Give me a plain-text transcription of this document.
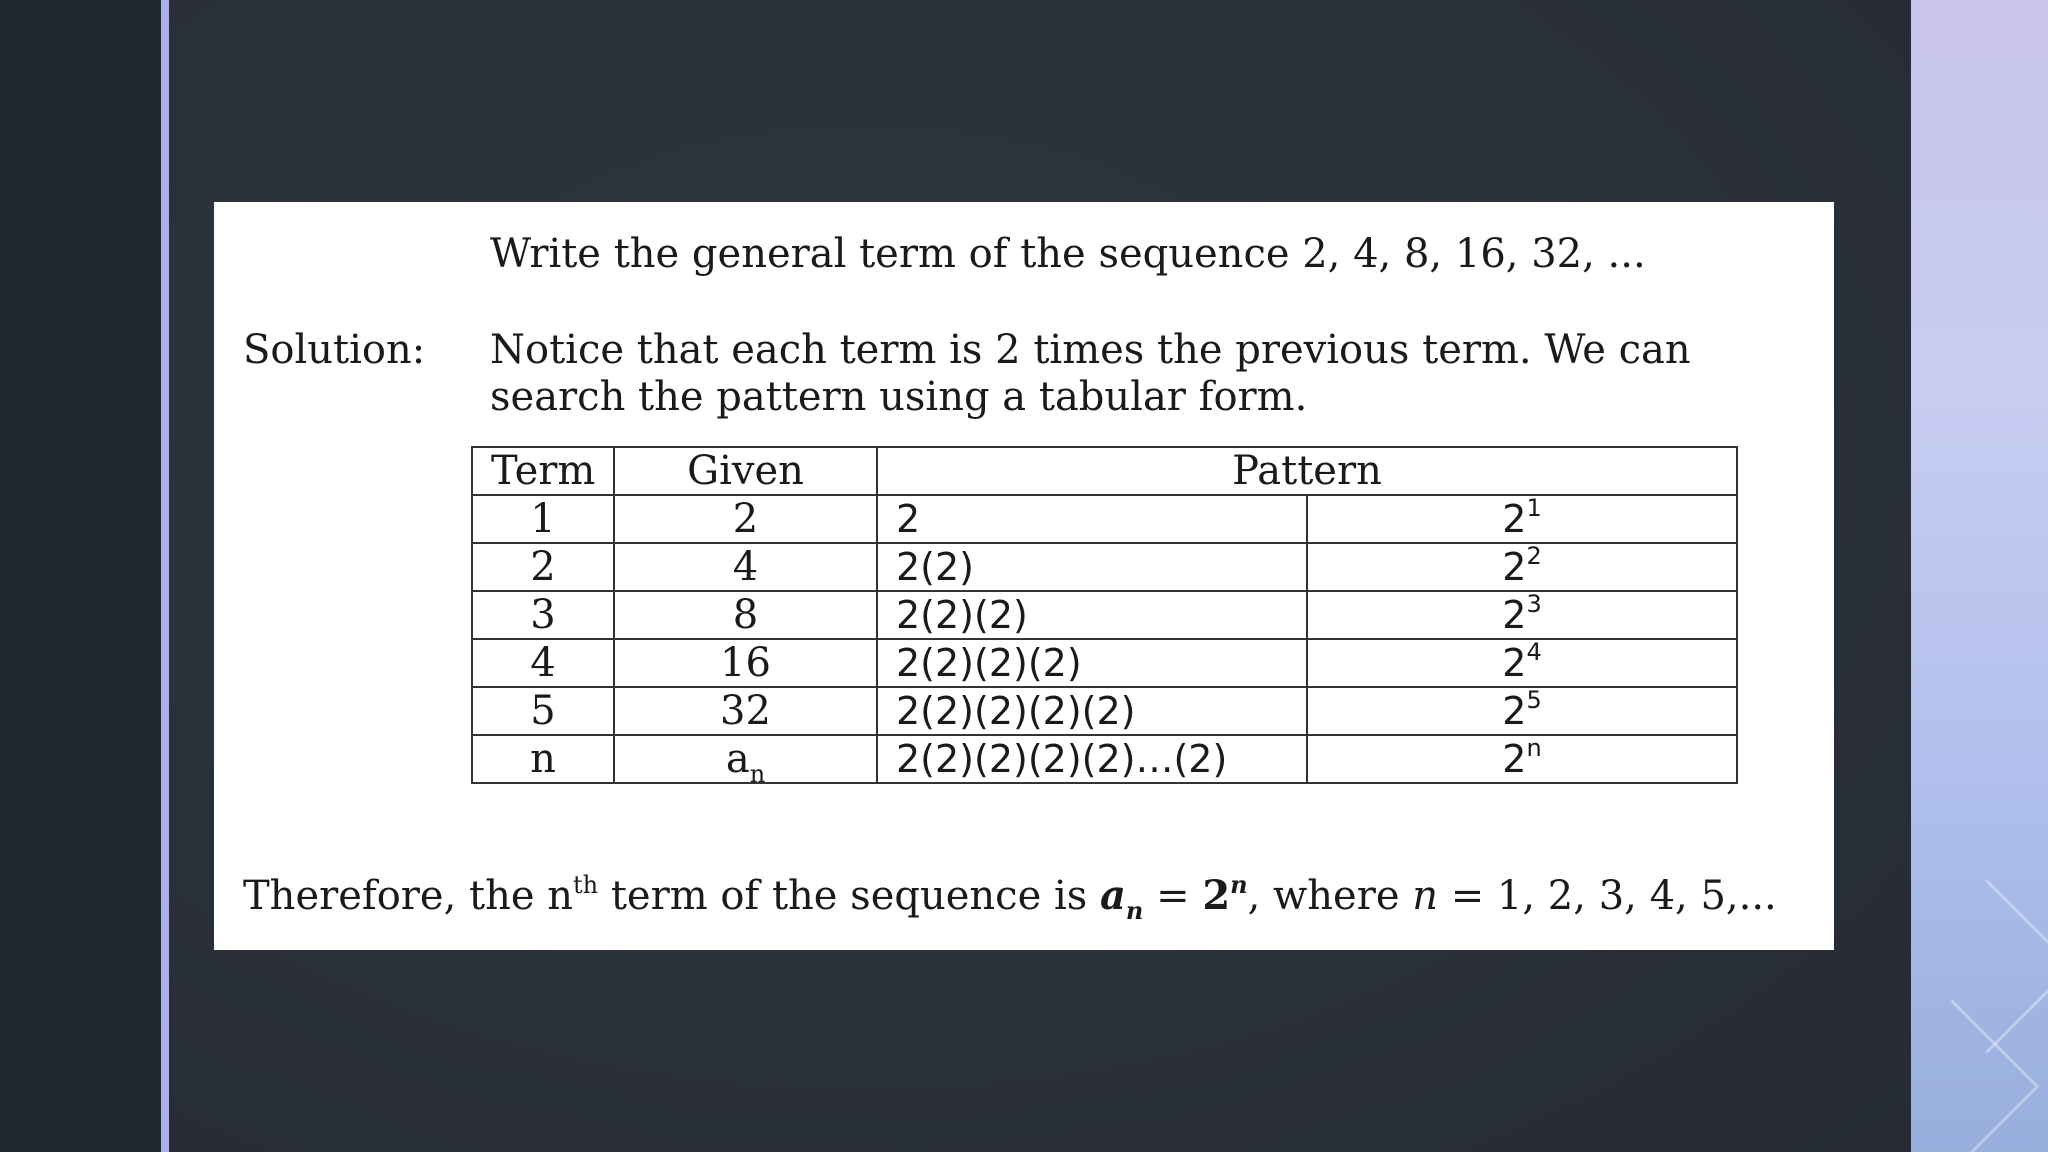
Write the general term of the sequence 2, 4, 8, 16, 32, ...
Solution: Notice that each term is 2 times the previous term. We can
search the pattern using a tabular form.
Term	Given	Pattern	
1	2	2	$2^1$
2	4	2(2)	$2^2$
3	8	2(2)(2)	$2^3$
4	16	2(2)(2)(2)	$2^4$
5	32	2(2)(2)(2)(2)	$2^5$
n	$a_n$	2(2)(2)(2)(2)…(2)	2$^n$
Therefore, the $n^{th}$ term of the sequence is $a_n = 2^n$, where n = 1, 2, 3, 4, 5,...
